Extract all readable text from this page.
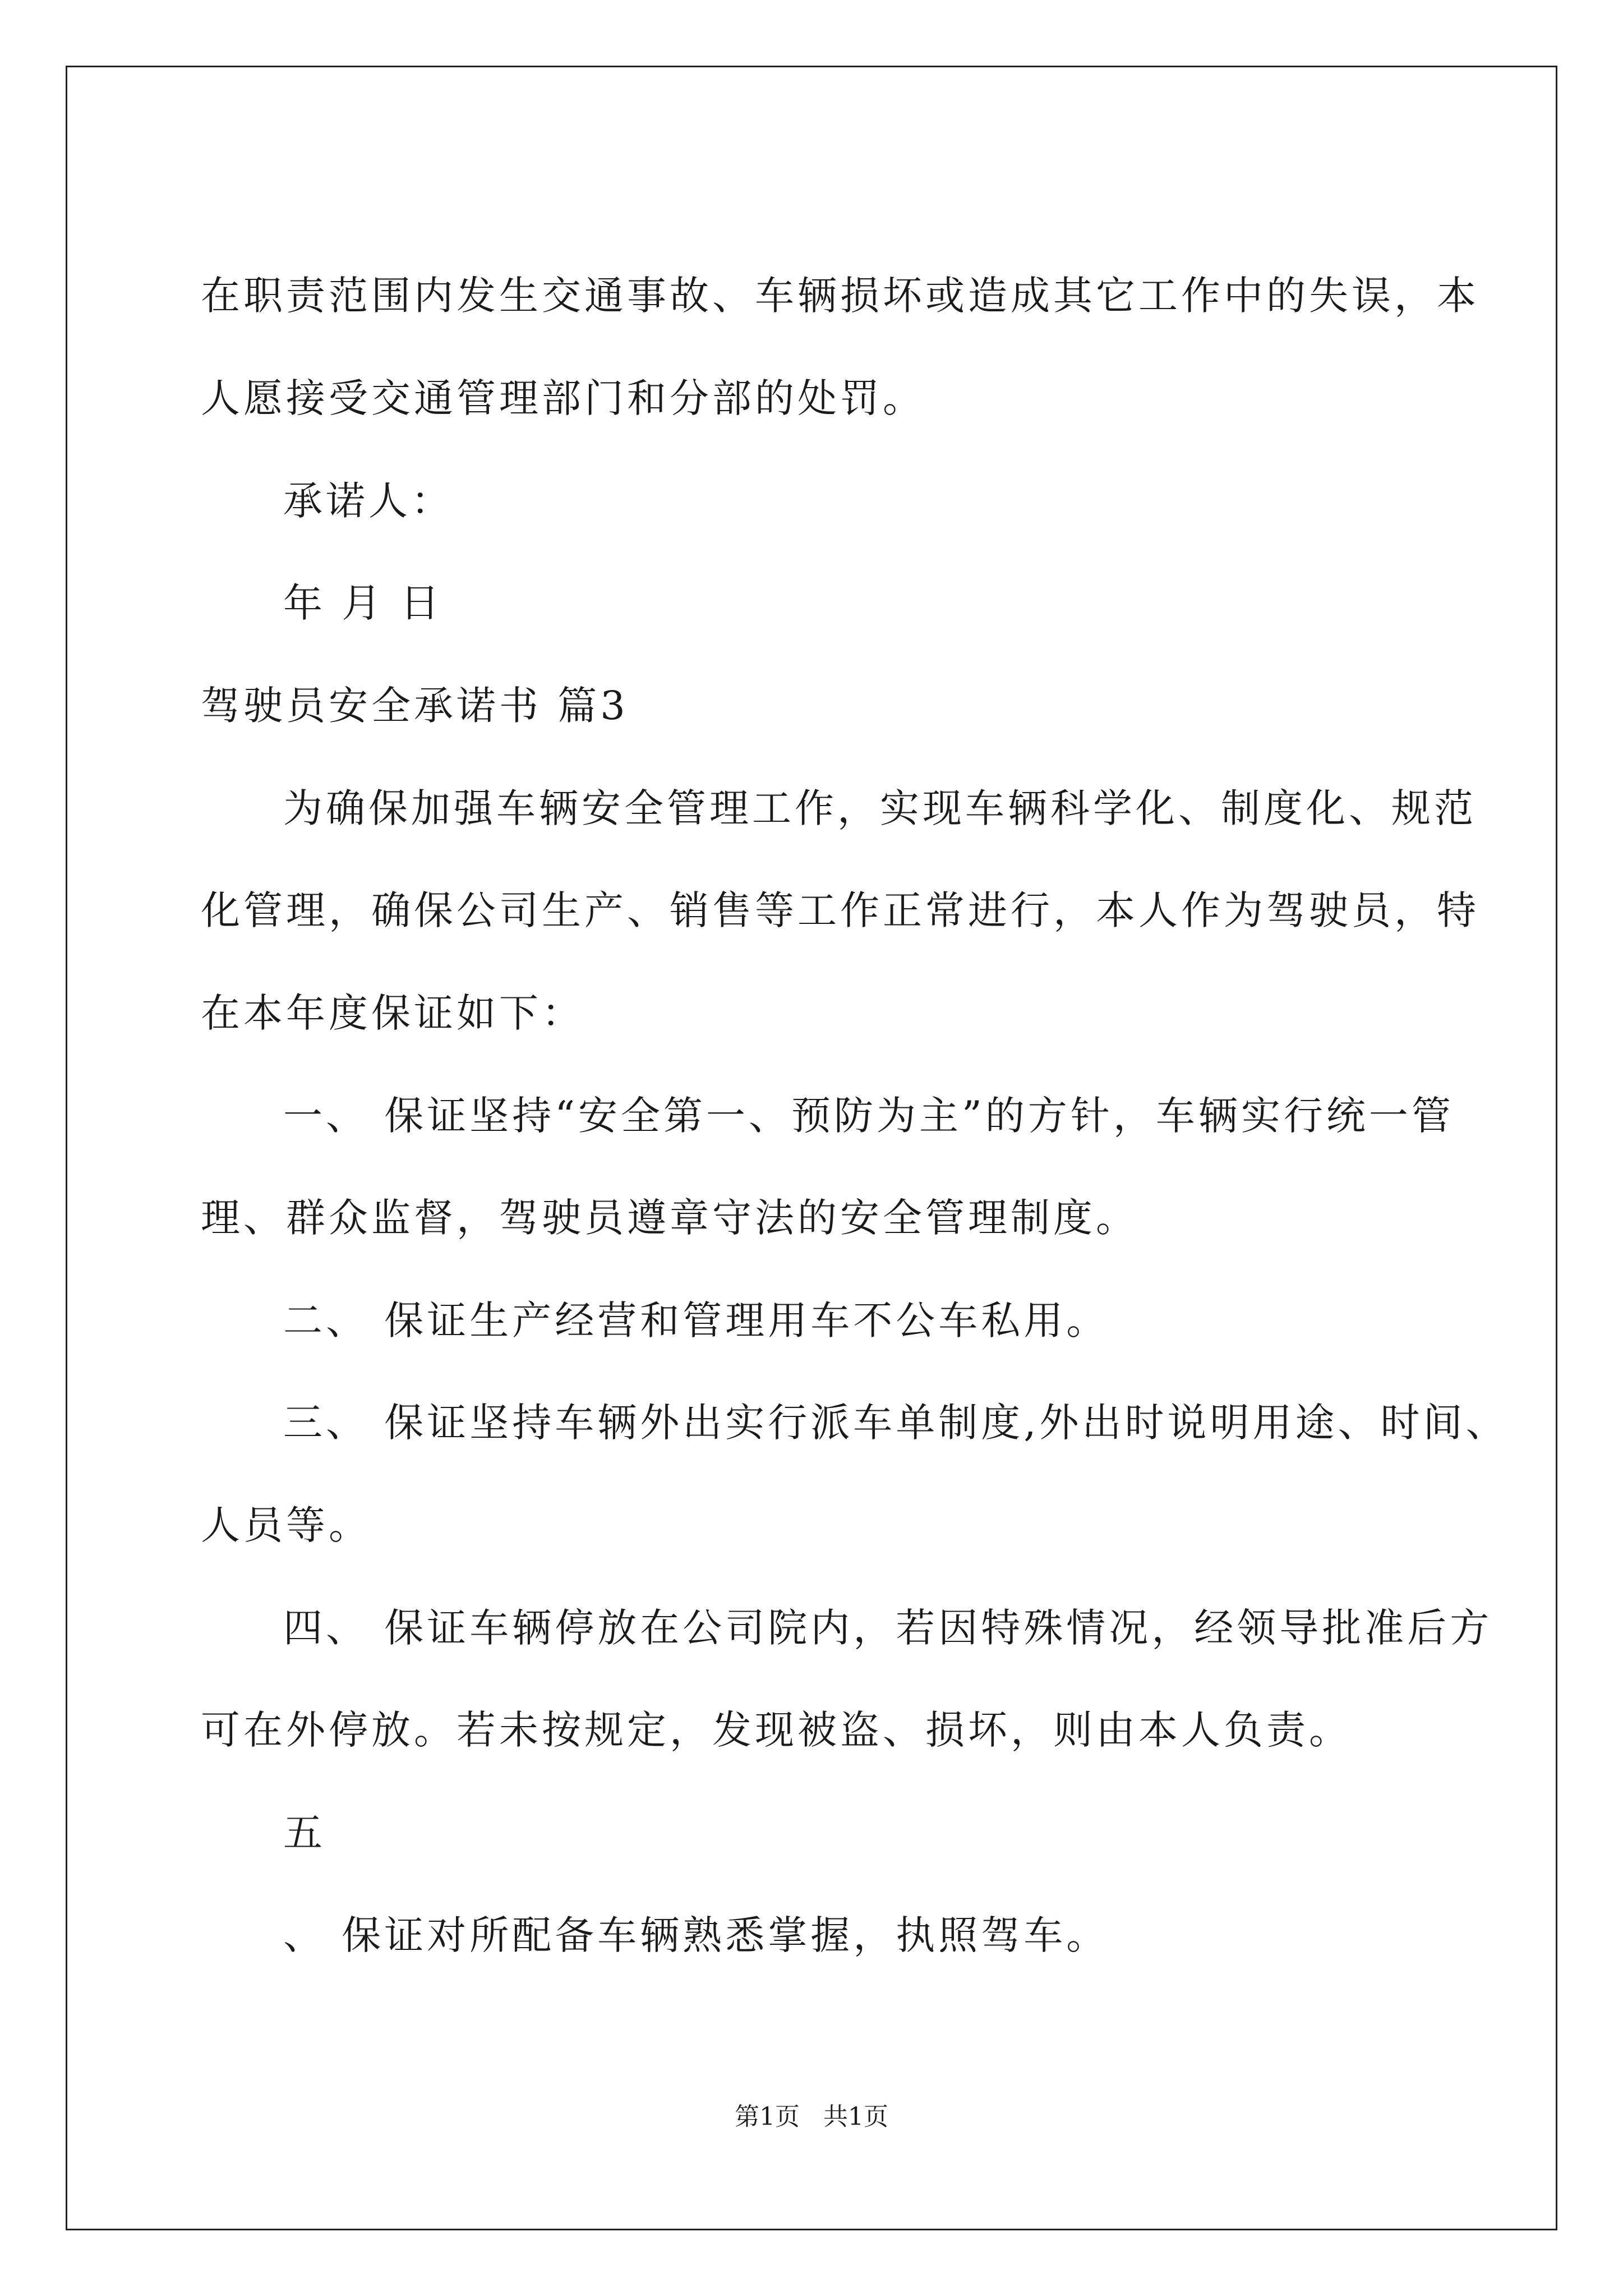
在职责范围内发生交通事故、车辆损坏或造成其它工作中的失误，本
人愿接受交通管理部门和分部的处罚。
承诺人：
年 月 日
驾驶员安全承诺书 篇3
为确保加强车辆安全管理工作，实现车辆科学化、制度化、规范
化管理，确保公司生产、销售等工作正常进行，本人作为驾驶员，特
在本年度保证如下：
一、 保证坚持“安全第一、预防为主”的方针，车辆实行统一管
理、群众监督，驾驶员遵章守法的安全管理制度。
二、 保证生产经营和管理用车不公车私用。
三、 保证坚持车辆外出实行派车单制度,外出时说明用途、时间、
人员等。
四、 保证车辆停放在公司院内，若因特殊情况，经领导批准后方
可在外停放。若未按规定，发现被盗、损坏，则由本人负责。
五
、 保证对所配备车辆熟悉掌握，执照驾车。
第1页 共1页
